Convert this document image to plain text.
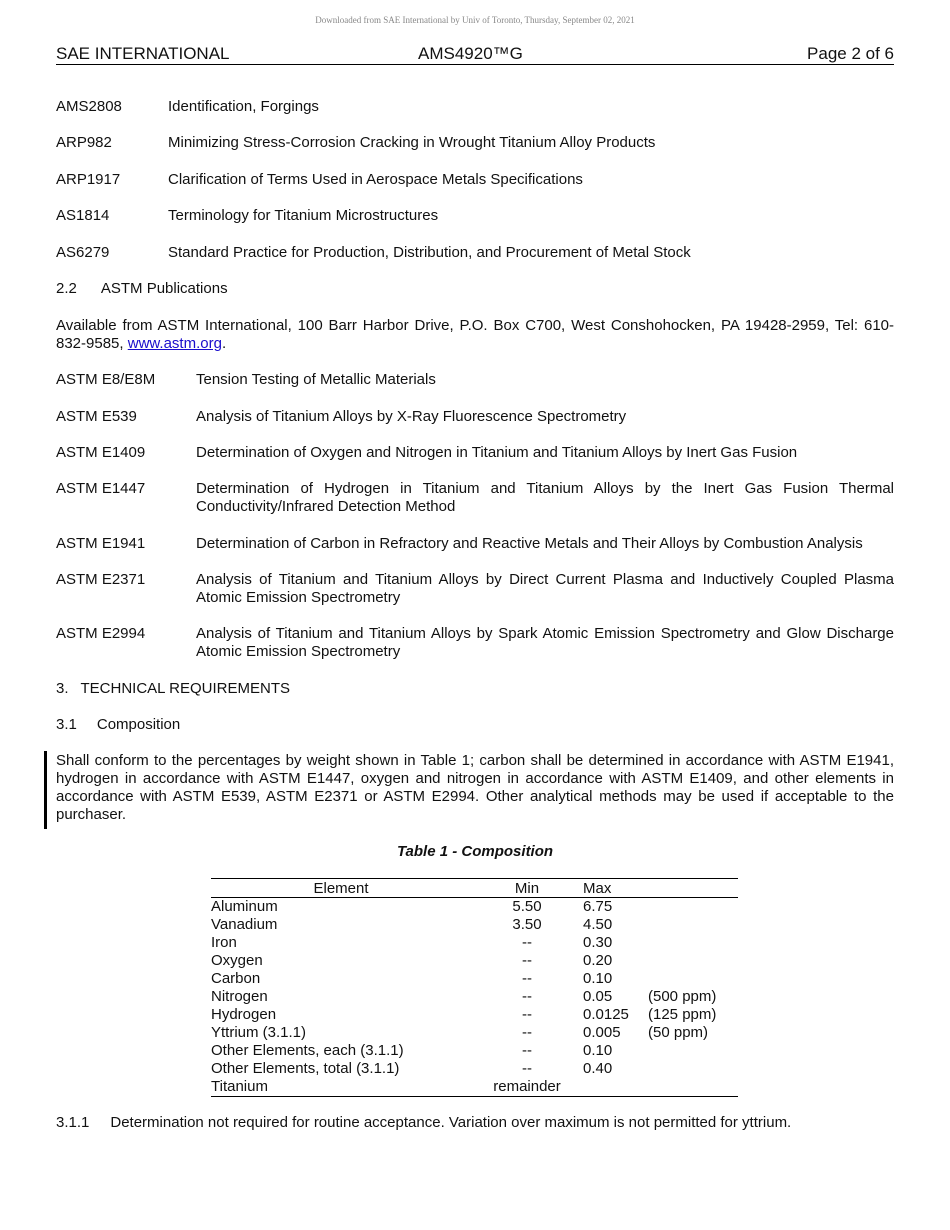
Downloaded from SAE International by Univ of Toronto, Thursday, September 02, 2021
SAE INTERNATIONAL	AMS4920™G	Page 2 of 6
AMS2808	Identification, Forgings
ARP982	Minimizing Stress-Corrosion Cracking in Wrought Titanium Alloy Products
ARP1917	Clarification of Terms Used in Aerospace Metals Specifications
AS1814	Terminology for Titanium Microstructures
AS6279	Standard Practice for Production, Distribution, and Procurement of Metal Stock
2.2 ASTM Publications
Available from ASTM International, 100 Barr Harbor Drive, P.O. Box C700, West Conshohocken, PA 19428-2959, Tel: 610-832-9585, www.astm.org.
ASTM E8/E8M	Tension Testing of Metallic Materials
ASTM E539	Analysis of Titanium Alloys by X-Ray Fluorescence Spectrometry
ASTM E1409	Determination of Oxygen and Nitrogen in Titanium and Titanium Alloys by Inert Gas Fusion
ASTM E1447	Determination of Hydrogen in Titanium and Titanium Alloys by the Inert Gas Fusion Thermal Conductivity/Infrared Detection Method
ASTM E1941	Determination of Carbon in Refractory and Reactive Metals and Their Alloys by Combustion Analysis
ASTM E2371	Analysis of Titanium and Titanium Alloys by Direct Current Plasma and Inductively Coupled Plasma Atomic Emission Spectrometry
ASTM E2994	Analysis of Titanium and Titanium Alloys by Spark Atomic Emission Spectrometry and Glow Discharge Atomic Emission Spectrometry
3. TECHNICAL REQUIREMENTS
3.1 Composition
Shall conform to the percentages by weight shown in Table 1; carbon shall be determined in accordance with ASTM E1941, hydrogen in accordance with ASTM E1447, oxygen and nitrogen in accordance with ASTM E1409, and other elements in accordance with ASTM E539, ASTM E2371 or ASTM E2994. Other analytical methods may be used if acceptable to the purchaser.
Table 1 - Composition
Element	Min	Max	
Aluminum	5.50	6.75	
Vanadium	3.50	4.50	
Iron	--	0.30	
Oxygen	--	0.20	
Carbon	--	0.10	
Nitrogen	--	0.05	(500 ppm)
Hydrogen	--	0.0125	(125 ppm)
Yttrium (3.1.1)	--	0.005	(50 ppm)
Other Elements, each (3.1.1)	--	0.10	
Other Elements, total (3.1.1)	--	0.40	
Titanium	remainder		
3.1.1 Determination not required for routine acceptance. Variation over maximum is not permitted for yttrium.
